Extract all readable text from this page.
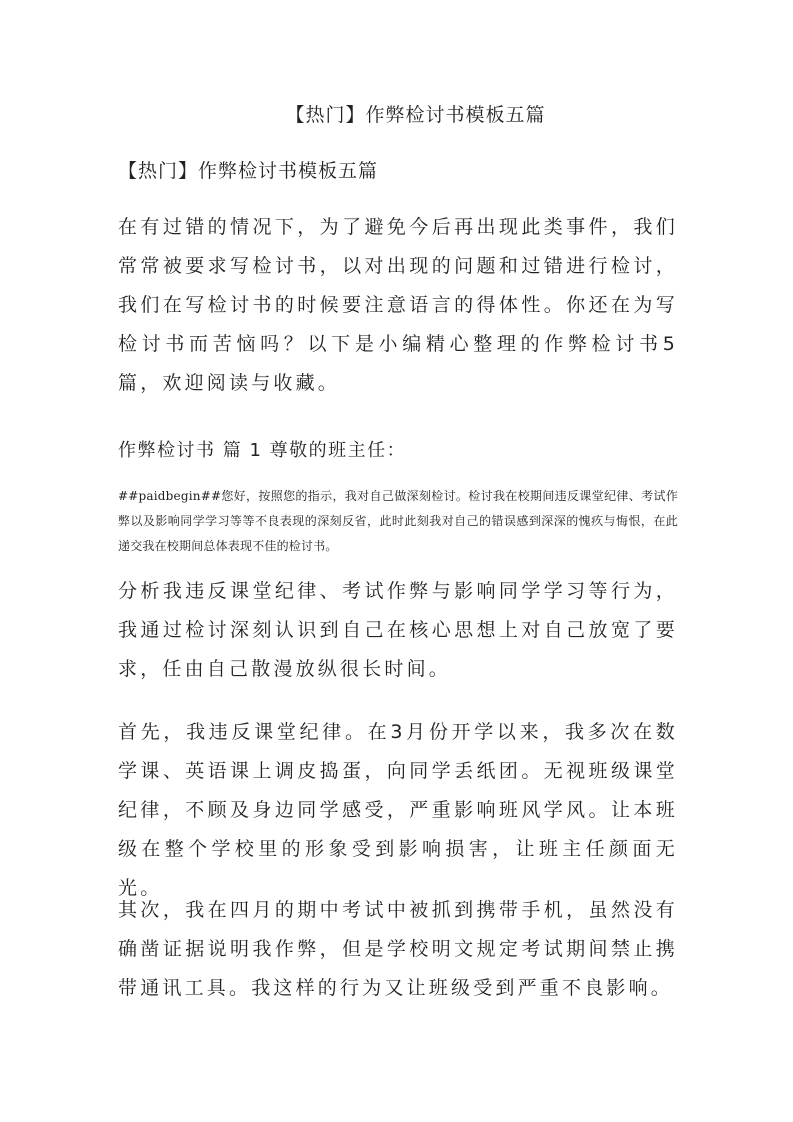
【热门】作弊检讨书模板五篇
【热门】作弊检讨书模板五篇

在有过错的情况下，为了避免今后再出现此类事件，我们常常被要求写检讨书，以对出现的问题和过错进行检讨，我们在写检讨书的时候要注意语言的得体性。你还在为写检讨书而苦恼吗？以下是小编精心整理的作弊检讨书5篇，欢迎阅读与收藏。

作弊检讨书 篇 1 尊敬的班主任：

##paidbegin##您好，按照您的指示，我对自己做深刻检讨。检讨我在校期间违反课堂纪律、考试作弊以及影响同学学习等等不良表现的深刻反省，此时此刻我对自己的错误感到深深的愧疚与悔恨，在此递交我在校期间总体表现不佳的检讨书。

分析我违反课堂纪律、考试作弊与影响同学学习等行为，我通过检讨深刻认识到自己在核心思想上对自己放宽了要求，任由自己散漫放纵很长时间。

首先，我违反课堂纪律。在3月份开学以来，我多次在数学课、英语课上调皮捣蛋，向同学丢纸团。无视班级课堂纪律，不顾及身边同学感受，严重影响班风学风。让本班级在整个学校里的形象受到影响损害，让班主任颜面无光。

其次，我在四月的期中考试中被抓到携带手机，虽然没有确凿证据说明我作弊，但是学校明文规定考试期间禁止携带通讯工具。我这样的行为又让班级受到严重不良影响。
